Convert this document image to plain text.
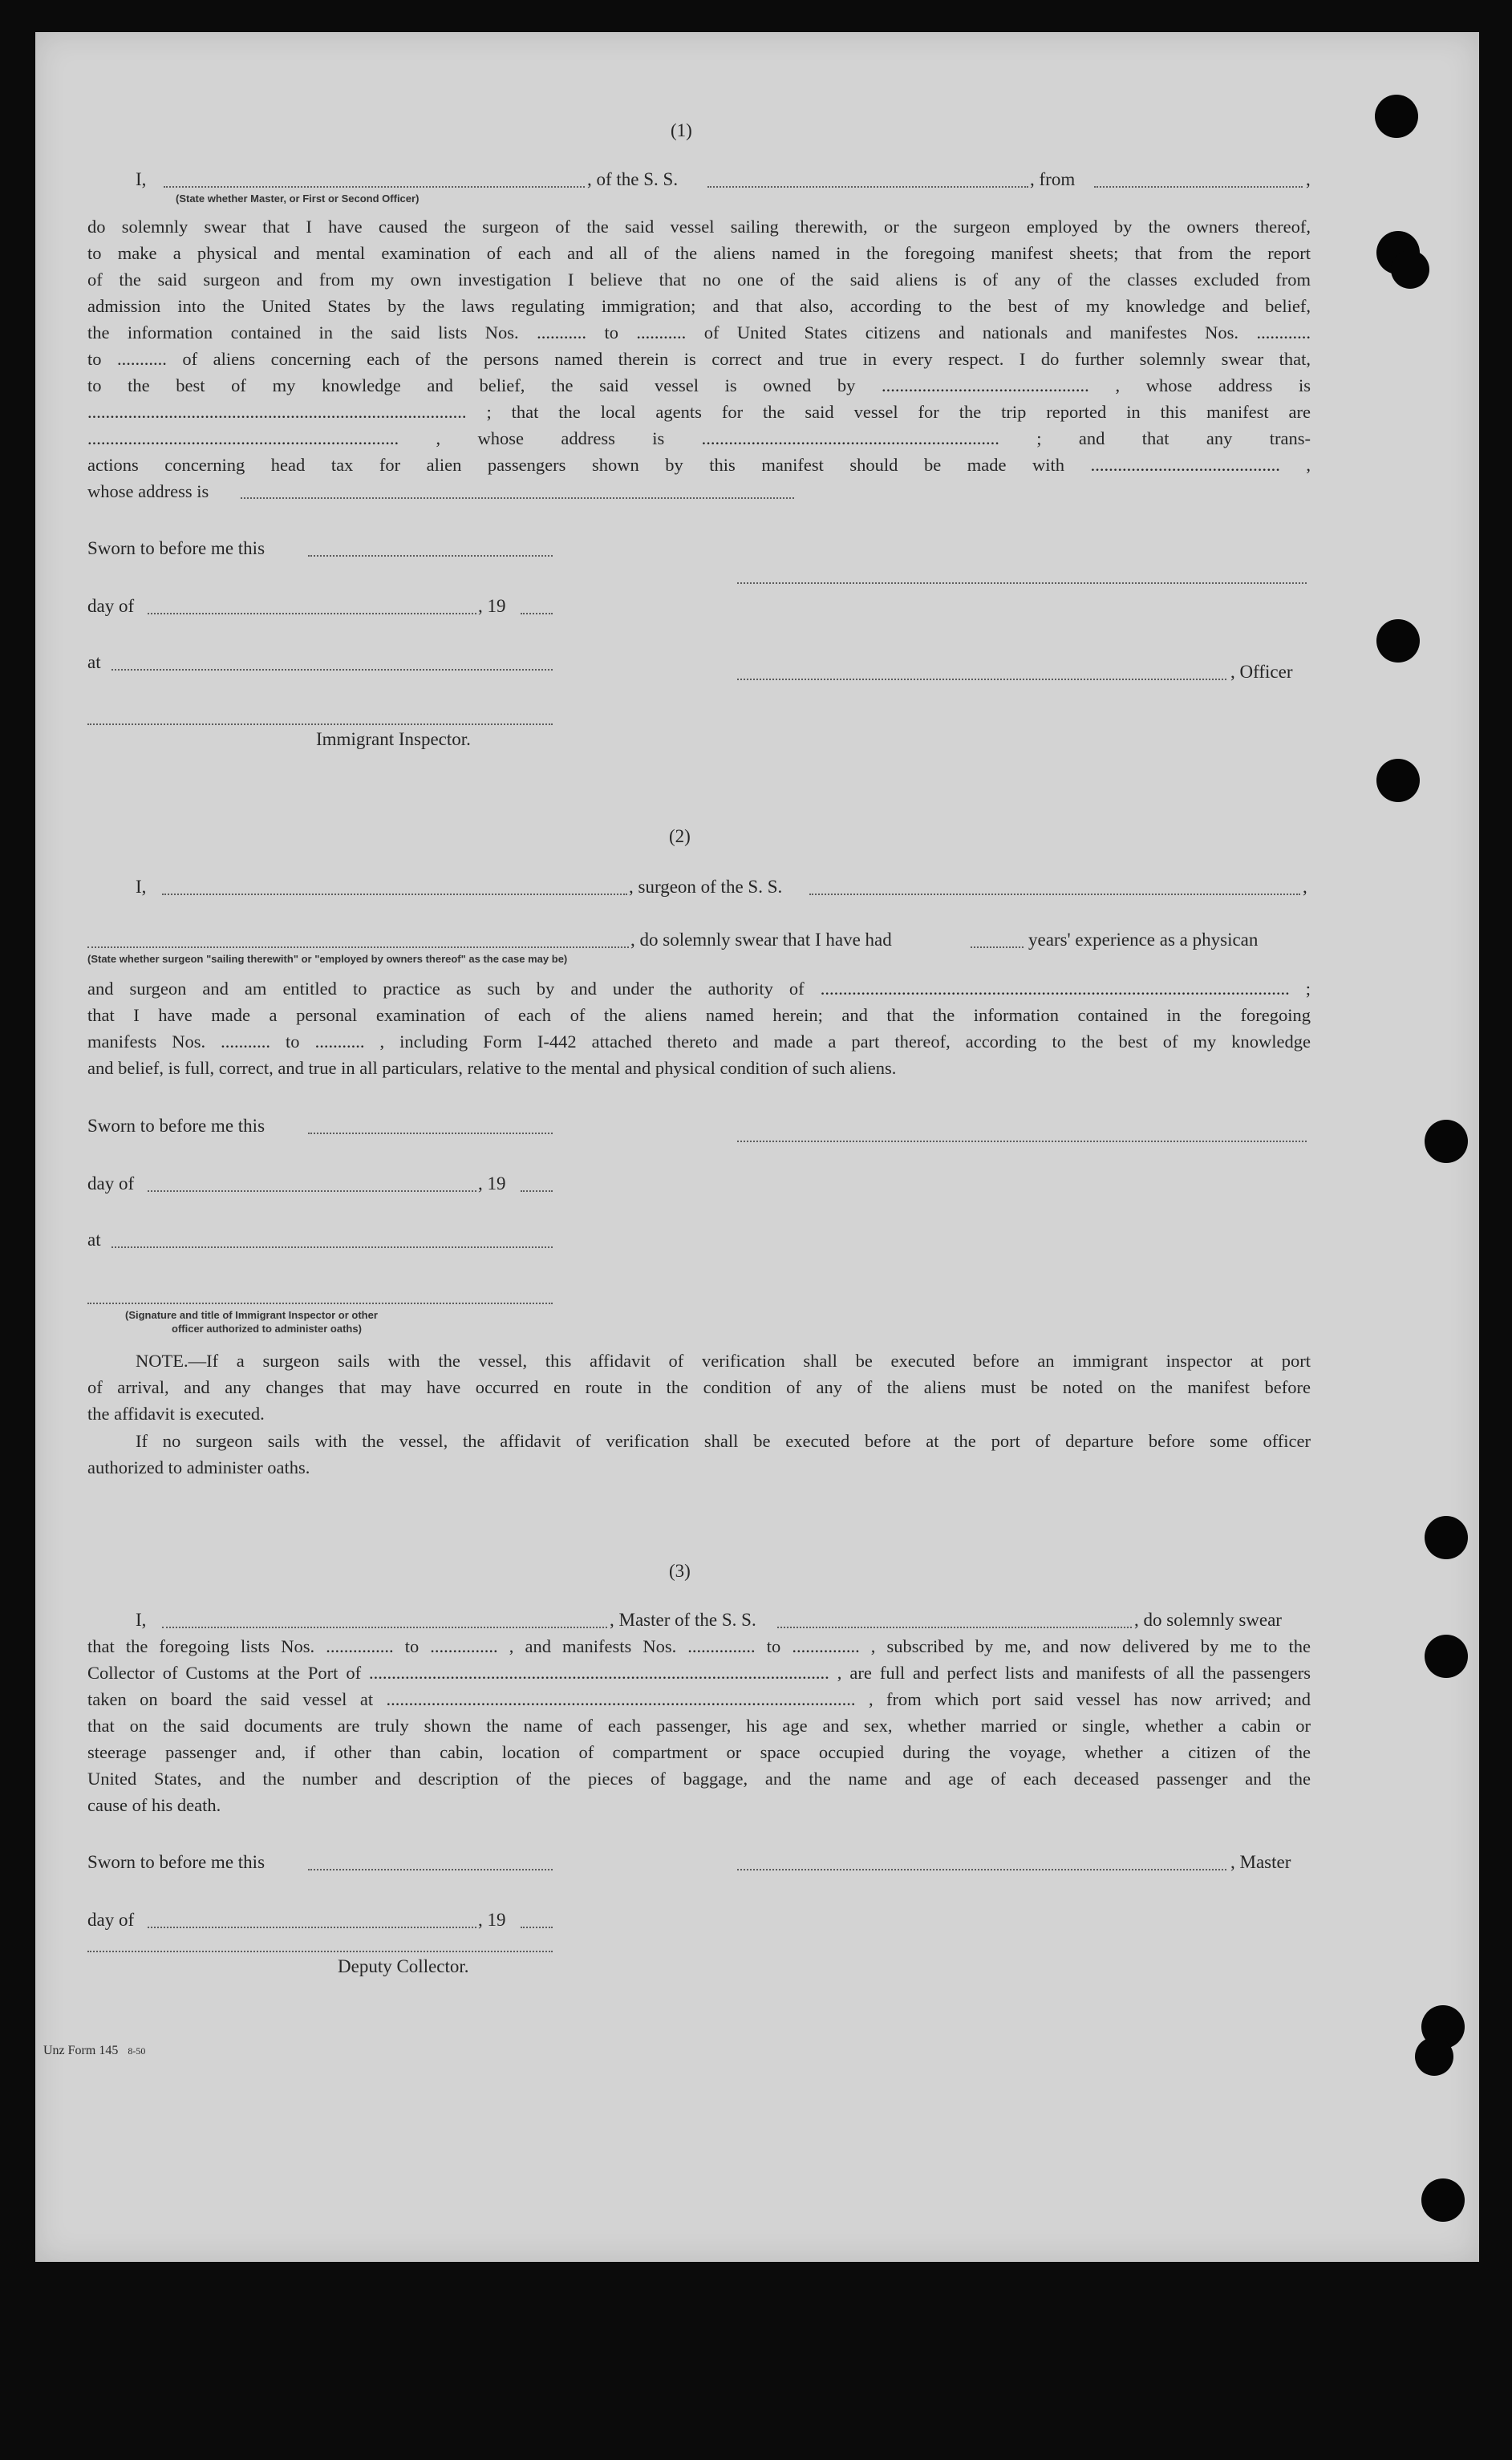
(1)
I,	, of the S. S.	, from	,
(State whether Master, or First or Second Officer)
do solemnly swear that I have caused the surgeon of the said vessel sailing therewith, or the surgeon employed by the owners thereof,
to make a physical and mental examination of each and all of the aliens named in the foregoing manifest sheets; that from the report
of the said surgeon and from my own investigation I believe that no one of the said aliens is of any of the classes excluded from
admission into the United States by the laws regulating immigration; and that also, according to the best of my knowledge and belief,
the information contained in the said lists Nos. ........... to ........... of United States citizens and nationals and manifestes Nos. ............
to ........... of aliens concerning each of the persons named therein is correct and true in every respect. I do further solemnly swear that,
to the best of my knowledge and belief, the said vessel is owned by .............................................. , whose address is
.................................................................................... ; that the local agents for the said vessel for the trip reported in this manifest are
..................................................................... , whose address is .................................................................. ; and that any trans-
actions concerning head tax for alien passengers shown by this manifest should be made with .......................................... ,
whose address is
Sworn to before me this
day of	, 19
at	, Officer
Immigrant Inspector.
(2)
I,	, surgeon of the S. S.	,
, do solemnly swear that I have had	years' experience as a physican
(State whether surgeon "sailing therewith" or "employed by owners thereof" as the case may be)
and surgeon and am entitled to practice as such by and under the authority of ........................................................................................................ ;
that I have made a personal examination of each of the aliens named herein; and that the information contained in the foregoing
manifests Nos. ........... to ........... , including Form I-442 attached thereto and made a part thereof, according to the best of my knowledge
and belief, is full, correct, and true in all particulars, relative to the mental and physical condition of such aliens.
Sworn to before me this
day of	, 19
at
(Signature and title of Immigrant Inspector or other
officer authorized to administer oaths)
NOTE.—If a surgeon sails with the vessel, this affidavit of verification shall be executed before an immigrant inspector at port
of arrival, and any changes that may have occurred en route in the condition of any of the aliens must be noted on the manifest before
the affidavit is executed.
If no surgeon sails with the vessel, the affidavit of verification shall be executed before at the port of departure before some officer
authorized to administer oaths.
(3)
I,	, Master of the S. S.	, do solemnly swear
that the foregoing lists Nos. ............... to ............... , and manifests Nos. ............... to ............... , subscribed by me, and now delivered by me to the
Collector of Customs at the Port of ...................................................................................................... , are full and perfect lists and manifests of all the passengers
taken on board the said vessel at ........................................................................................................ , from which port said vessel has now arrived; and
that on the said documents are truly shown the name of each passenger, his age and sex, whether married or single, whether a cabin or
steerage passenger and, if other than cabin, location of compartment or space occupied during the voyage, whether a citizen of the
United States, and the number and description of the pieces of baggage, and the name and age of each deceased passenger and the
cause of his death.
Sworn to before me this	, Master
day of	, 19
Deputy Collector.
Unz Form 145 8-50
